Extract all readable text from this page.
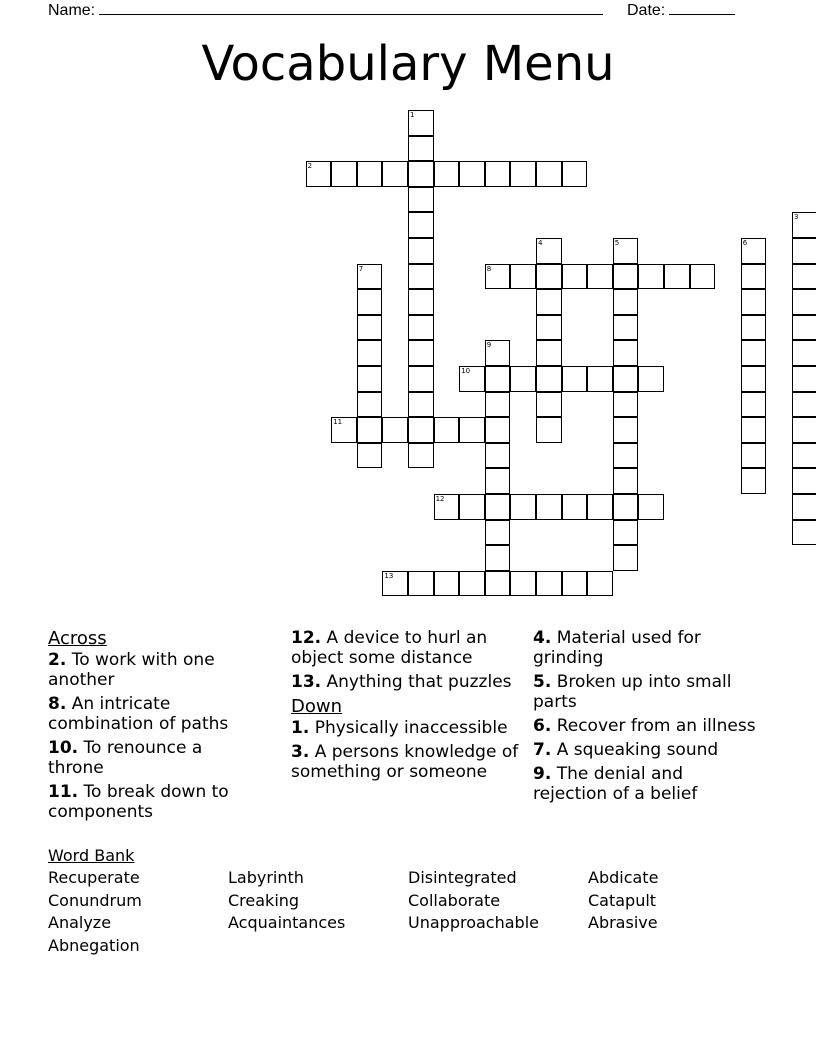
Name:	Date:
Vocabulary Menu
1
2
3
4	5	6
7	8
9
10
11
12
13
Across
2. To work with one another
8. An intricate combination of paths
10. To renounce a throne
11. To break down to components
12. A device to hurl an object some distance
13. Anything that puzzles
Down
1. Physically inaccessible
3. A persons knowledge of something or someone
4. Material used for grinding
5. Broken up into small parts
6. Recover from an illness
7. A squeaking sound
9. The denial and rejection of a belief
Word Bank
Recuperate	Labyrinth	Disintegrated	Abdicate
Conundrum	Creaking	Collaborate	Catapult
Analyze	Acquaintances	Unapproachable	Abrasive
Abnegation
